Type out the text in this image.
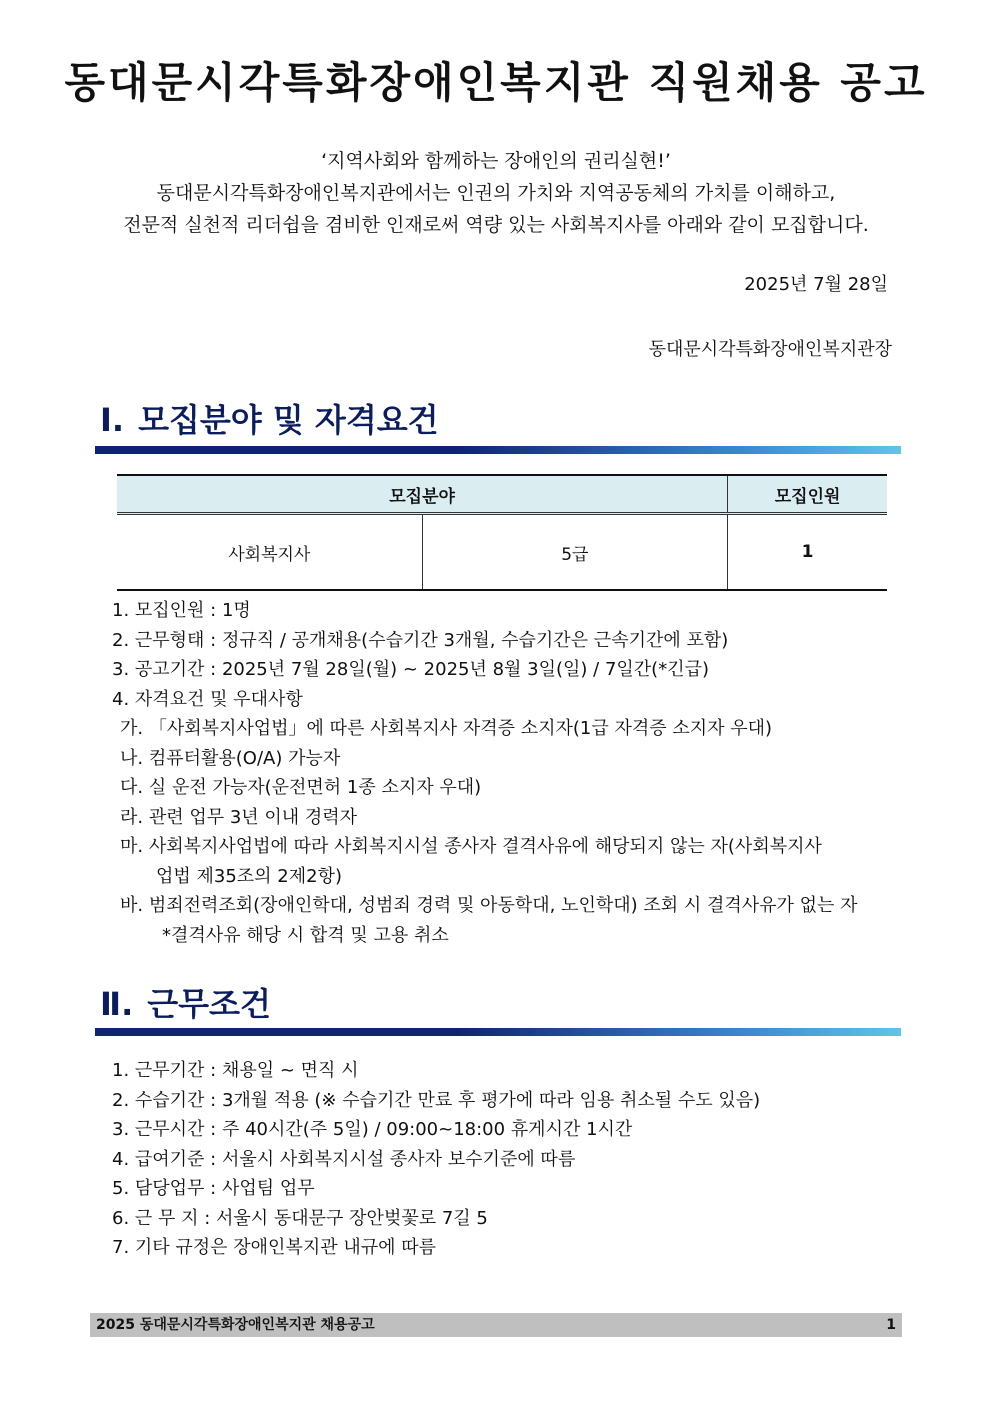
동대문시각특화장애인복지관 직원채용 공고
‘지역사회와 함께하는 장애인의 권리실현!’
동대문시각특화장애인복지관에서는 인권의 가치와 지역공동체의 가치를 이해하고,
전문적 실천적 리더쉽을 겸비한 인재로써 역량 있는 사회복지사를 아래와 같이 모집합니다.
2025년 7월 28일
동대문시각특화장애인복지관장
Ⅰ. 모집분야 및 자격요건
모집분야		모집인원
사회복지사	5급	1
1. 모집인원 : 1명
2. 근무형태 : 정규직 / 공개채용(수습기간 3개월, 수습기간은 근속기간에 포함)
3. 공고기간 : 2025년 7월 28일(월) ~ 2025년 8월 3일(일) / 7일간(*긴급)
4. 자격요건 및 우대사항
가. 「사회복지사업법」에 따른 사회복지사 자격증 소지자(1급 자격증 소지자 우대)
나. 컴퓨터활용(O/A) 가능자
다. 실 운전 가능자(운전면허 1종 소지자 우대)
라. 관련 업무 3년 이내 경력자
마. 사회복지사업법에 따라 사회복지시설 종사자 결격사유에 해당되지 않는 자(사회복지사
업법 제35조의 2제2항)
바. 범죄전력조회(장애인학대, 성범죄 경력 및 아동학대, 노인학대) 조회 시 결격사유가 없는 자
*결격사유 해당 시 합격 및 고용 취소
Ⅱ. 근무조건
1. 근무기간 : 채용일 ~ 면직 시
2. 수습기간 : 3개월 적용 (※ 수습기간 만료 후 평가에 따라 임용 취소될 수도 있음)
3. 근무시간 : 주 40시간(주 5일) / 09:00~18:00 휴게시간 1시간
4. 급여기준 : 서울시 사회복지시설 종사자 보수기준에 따름
5. 담당업무 : 사업팀 업무
6. 근 무 지 : 서울시 동대문구 장안벚꽃로 7길 5
7. 기타 규정은 장애인복지관 내규에 따름
2025 동대문시각특화장애인복지관 채용공고	1
